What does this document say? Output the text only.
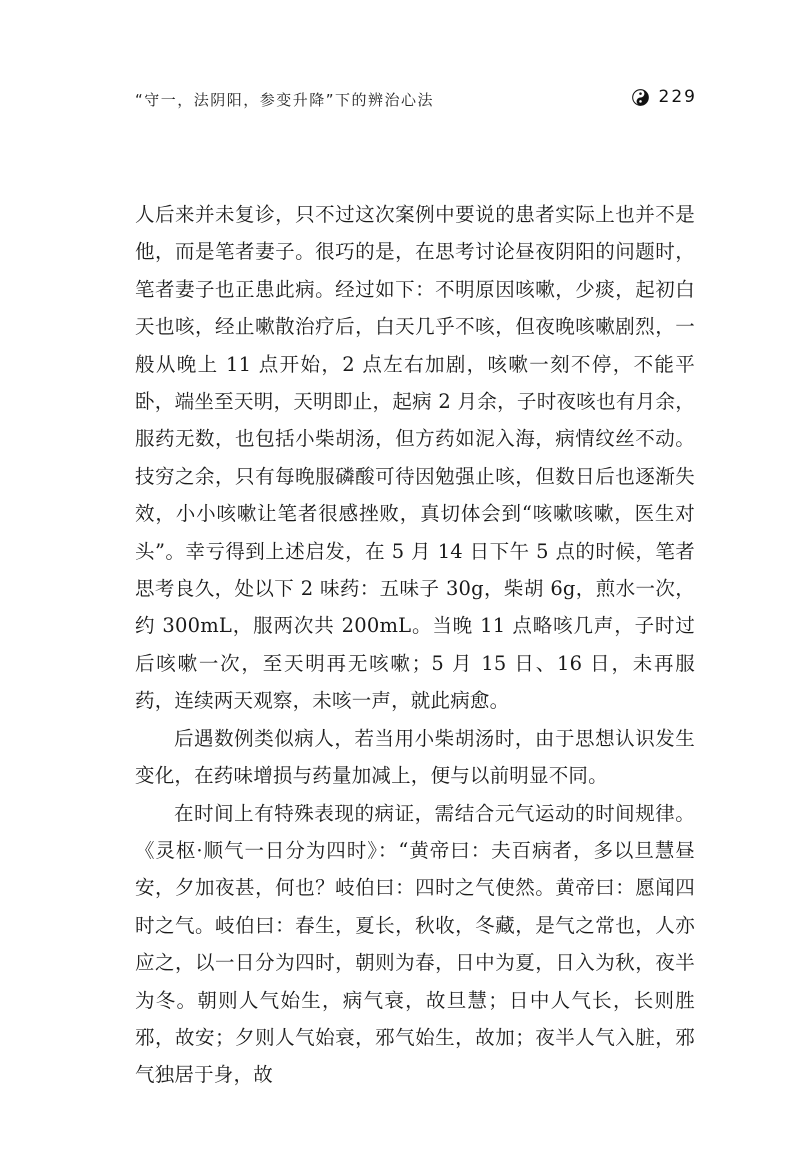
“守一，法阴阳，参变升降”下的辨治心法	229

人后来并未复诊，只不过这次案例中要说的患者实际上也并不是他，而是笔者妻子。很巧的是，在思考讨论昼夜阴阳的问题时，笔者妻子也正患此病。经过如下：不明原因咳嗽，少痰，起初白天也咳，经止嗽散治疗后，白天几乎不咳，但夜晚咳嗽剧烈，一般从晚上 11 点开始，2 点左右加剧，咳嗽一刻不停，不能平卧，端坐至天明，天明即止，起病 2 月余，子时夜咳也有月余，服药无数，也包括小柴胡汤，但方药如泥入海，病情纹丝不动。技穷之余，只有每晚服磷酸可待因勉强止咳，但数日后也逐渐失效，小小咳嗽让笔者很感挫败，真切体会到“咳嗽咳嗽，医生对头”。幸亏得到上述启发，在 5 月 14 日下午 5 点的时候，笔者思考良久，处以下 2 味药：五味子 30g，柴胡 6g，煎水一次，约 300mL，服两次共 200mL。当晚 11 点略咳几声，子时过后咳嗽一次，至天明再无咳嗽；5 月 15 日、16 日，未再服药，连续两天观察，未咳一声，就此病愈。

后遇数例类似病人，若当用小柴胡汤时，由于思想认识发生变化，在药味增损与药量加减上，便与以前明显不同。

在时间上有特殊表现的病证，需结合元气运动的时间规律。《灵枢·顺气一日分为四时》：“黄帝曰：夫百病者，多以旦慧昼安，夕加夜甚，何也？岐伯曰：四时之气使然。黄帝曰：愿闻四时之气。岐伯曰：春生，夏长，秋收，冬藏，是气之常也，人亦应之，以一日分为四时，朝则为春，日中为夏，日入为秋，夜半为冬。朝则人气始生，病气衰，故旦慧；日中人气长，长则胜邪，故安；夕则人气始衰，邪气始生，故加；夜半人气入脏，邪气独居于身，故
